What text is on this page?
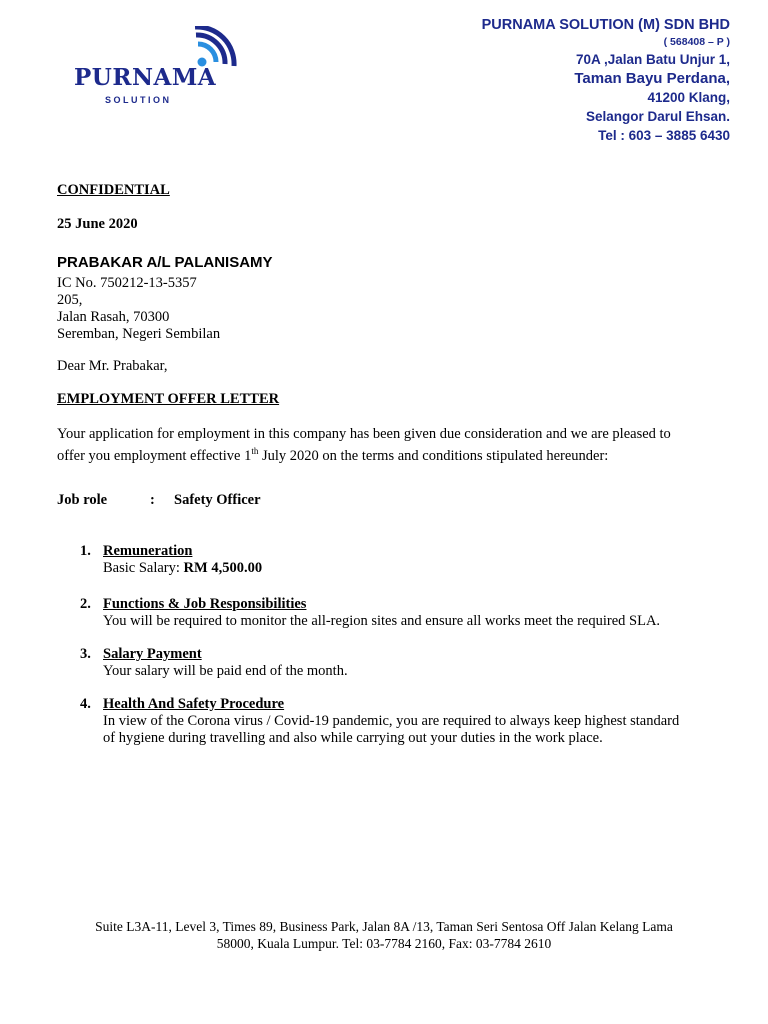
PURNAMA
SOLUTION
PURNAMA SOLUTION (M) SDN BHD
( 568408 – P )
70A ,Jalan Batu Unjur 1,
Taman Bayu Perdana,
41200 Klang,
Selangor Darul Ehsan.
Tel : 603 – 3885 6430
CONFIDENTIAL
25 June 2020
PRABAKAR A/L PALANISAMY
IC No. 750212-13-5357
205,
Jalan Rasah, 70300
Seremban, Negeri Sembilan
Dear Mr. Prabakar,
EMPLOYMENT OFFER LETTER
Your application for employment in this company has been given due consideration and we are pleased to
offer you employment effective 1th July 2020 on the terms and conditions stipulated hereunder:
Job role	: Safety Officer
1. Remuneration
Basic Salary: RM 4,500.00
2. Functions & Job Responsibilities
You will be required to monitor the all-region sites and ensure all works meet the required SLA.
3. Salary Payment
Your salary will be paid end of the month.
4. Health And Safety Procedure
In view of the Corona virus / Covid-19 pandemic, you are required to always keep highest standard
of hygiene during travelling and also while carrying out your duties in the work place.
Suite L3A-11, Level 3, Times 89, Business Park, Jalan 8A /13, Taman Seri Sentosa Off Jalan Kelang Lama
58000, Kuala Lumpur. Tel: 03-7784 2160, Fax: 03-7784 2610
